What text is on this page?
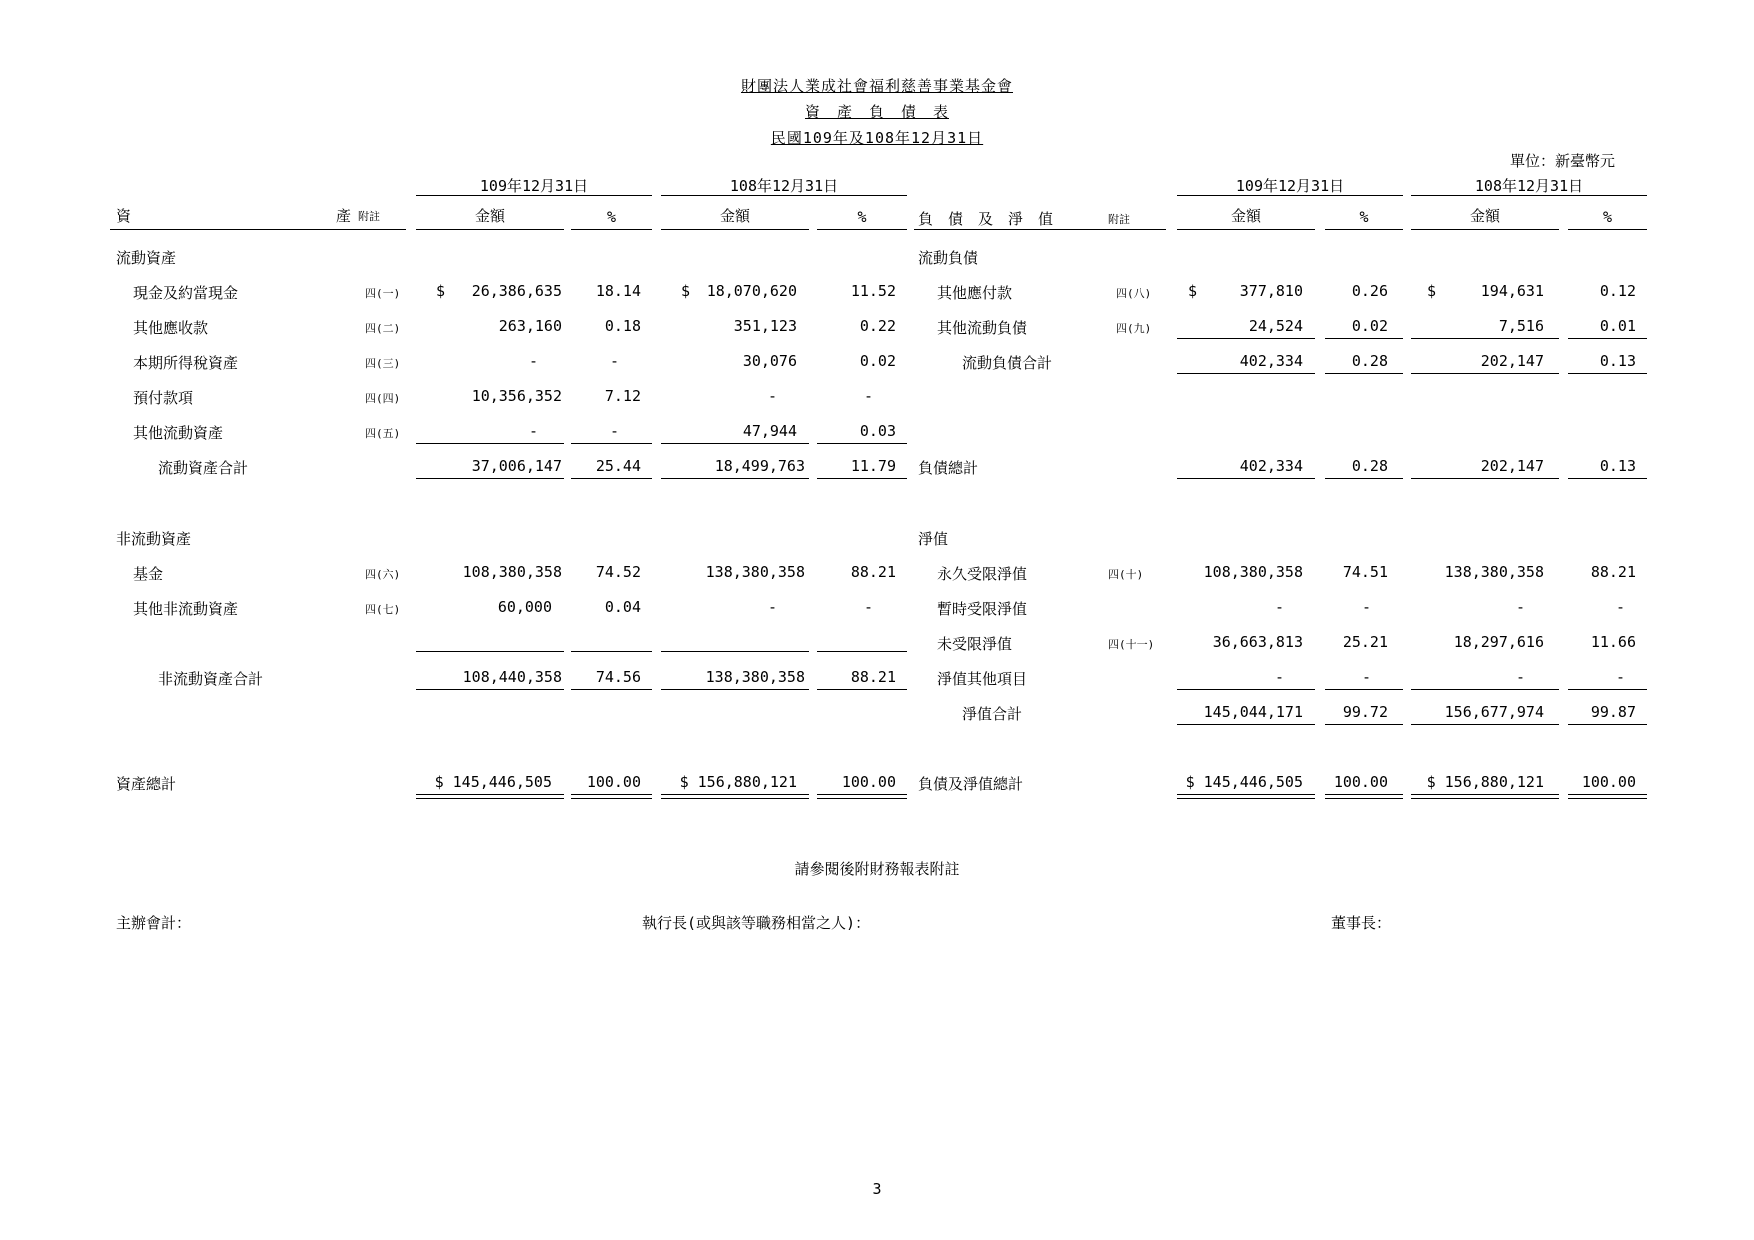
財團法人業成社會福利慈善事業基金會
資　產　負　債　表
民國109年及108年12月31日
單位：新臺幣元
109年12月31日	108年12月31日	109年12月31日	108年12月31日
資	產 附註	金額	%	金額	%	負　債　及　淨　值	附註	金額	%	金額	%
流動資產
現金及約當現金	四(一) $	26,386,635	18.14	$	18,070,620	11.52
其他應收款	四(二)	263,160	0.18	351,123	0.22
本期所得稅資產	四(三)	-	-	30,076	0.02
預付款項	四(四)	10,356,352	7.12	-	-
其他流動資產	四(五)	-	-	47,944	0.03
流動資產合計	37,006,147	25.44	18,499,763	11.79
非流動資產
基金	四(六)	108,380,358	74.52	138,380,358	88.21
其他非流動資產	四(七)	60,000	0.04	-	-
非流動資產合計	108,440,358	74.56	138,380,358	88.21
資產總計	$ 145,446,505	100.00	$ 156,880,121	100.00
流動負債
其他應付款	四(八) $	377,810	0.26	$	194,631	0.12
其他流動負債	四(九)	24,524	0.02	7,516	0.01
流動負債合計	402,334	0.28	202,147	0.13
負債總計	402,334	0.28	202,147	0.13
淨值
永久受限淨值	四(十)	108,380,358	74.51	138,380,358	88.21
暫時受限淨值	-	-	-	-
未受限淨值	四(十一)	36,663,813	25.21	18,297,616	11.66
淨值其他項目	-	-	-	-
淨值合計	145,044,171	99.72	156,677,974	99.87
負債及淨值總計	$ 145,446,505	100.00	$ 156,880,121	100.00
請參閱後附財務報表附註
主辦會計：	執行長(或與該等職務相當之人)：	董事長：
3
